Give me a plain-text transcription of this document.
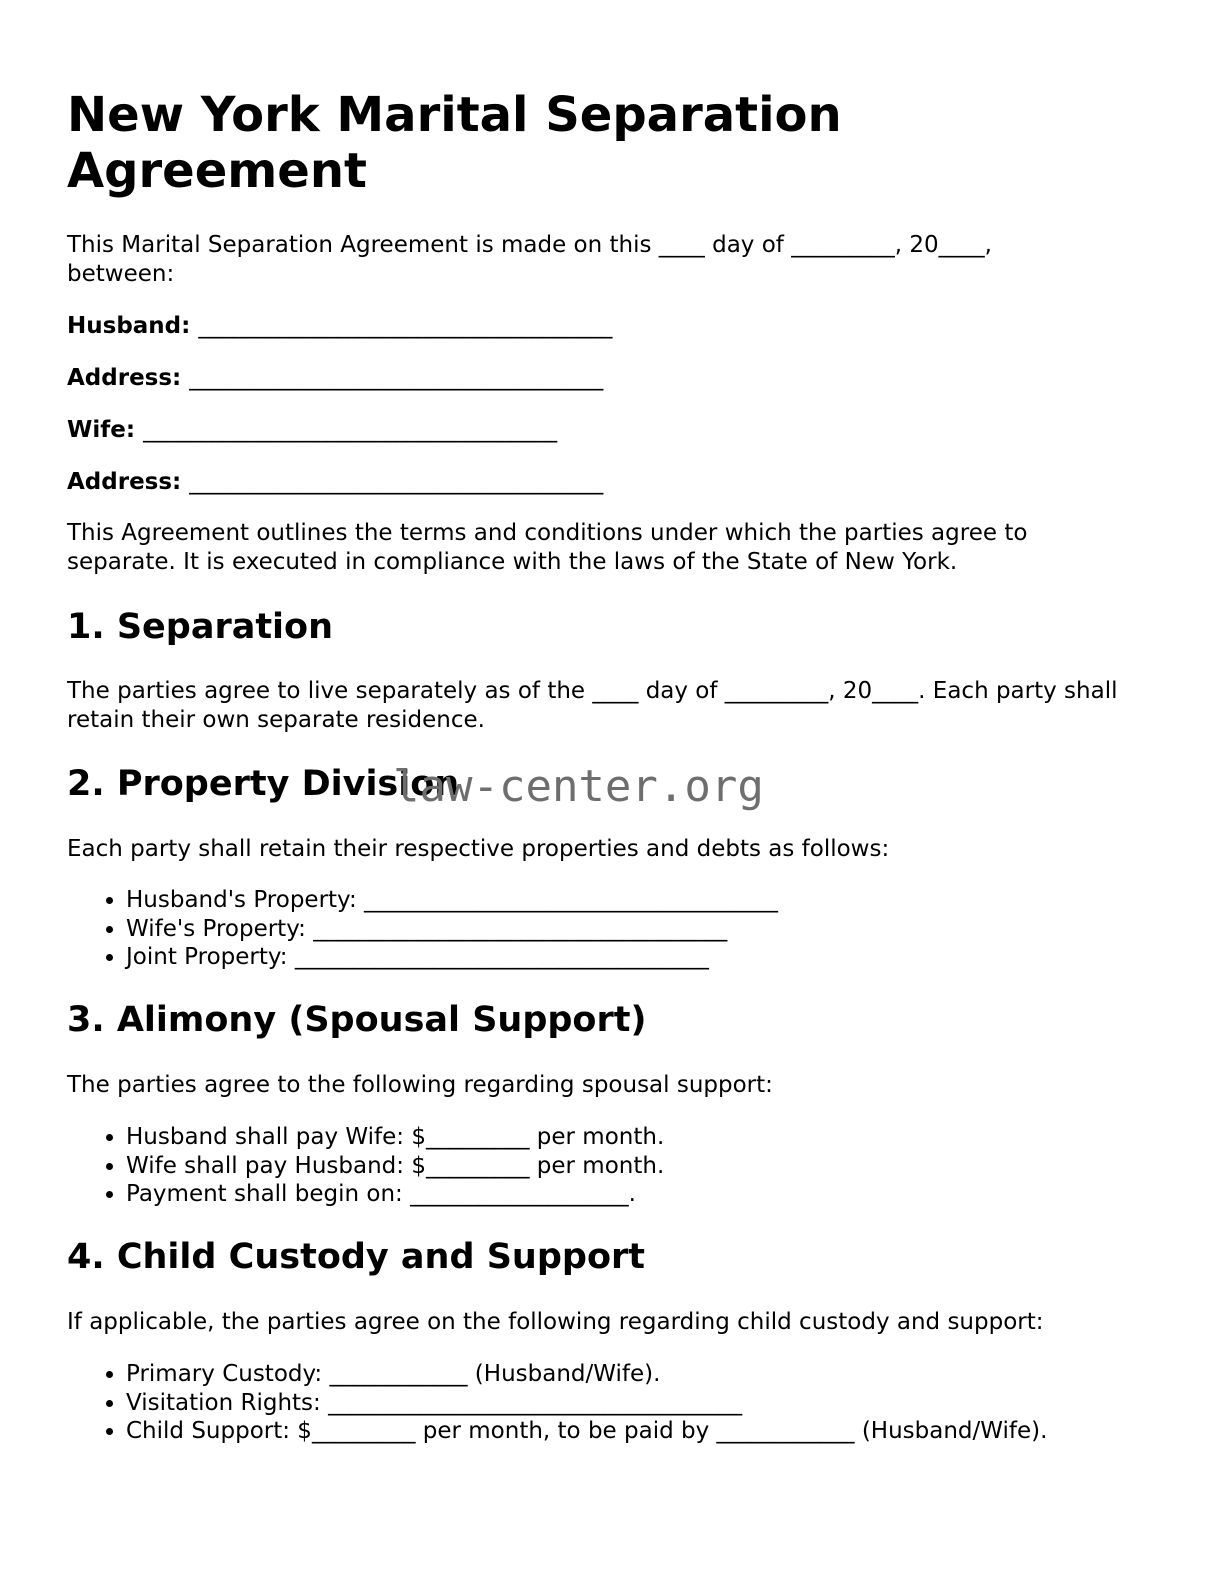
New York Marital Separation Agreement

This Marital Separation Agreement is made on this ____ day of _________, 20____, between:

Husband: ____________________________________

Address: ____________________________________

Wife: ____________________________________

Address: ____________________________________

This Agreement outlines the terms and conditions under which the parties agree to separate. It is executed in compliance with the laws of the State of New York.

1. Separation

The parties agree to live separately as of the ____ day of _________, 20____. Each party shall retain their own separate residence.

2. Property Division

Each party shall retain their respective properties and debts as follows:

• Husband's Property: ____________________________________
• Wife's Property: ____________________________________
• Joint Property: ____________________________________
3. Alimony (Spousal Support)

The parties agree to the following regarding spousal support:

• Husband shall pay Wife: $_________ per month.
• Wife shall pay Husband: $_________ per month.
• Payment shall begin on: ___________________.
4. Child Custody and Support

If applicable, the parties agree on the following regarding child custody and support:

• Primary Custody: ____________ (Husband/Wife).
• Visitation Rights: ____________________________________
• Child Support: $_________ per month, to be paid by ____________ (Husband/Wife).
law-center.org
